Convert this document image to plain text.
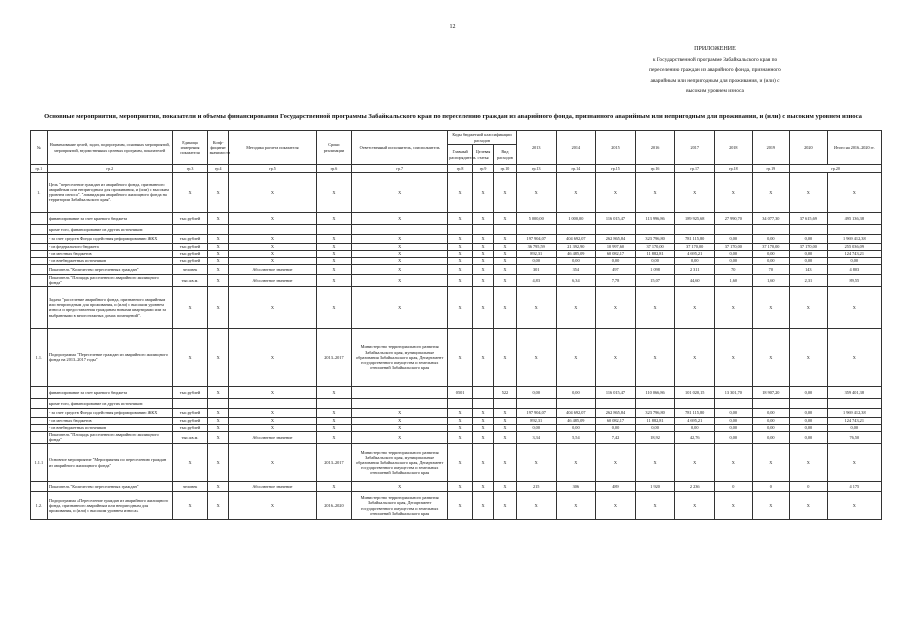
12
ПРИЛОЖЕНИЕ
к Государственной программе Забайкальского края по
переселению граждан из аварийного фонда, признанного
аварийным или непригодным для проживания, и (или) с
высоким уровнем износа
Основные мероприятия, мероприятия, показатели и объемы финансирования Государственной программы Забайкальского края по переселению граждан из аварийного фонда, признанного аварийным или непригодным для проживания, и (или) с высоким уровнем износа
№	Наименование целей, задач, подпрограмм, основных мероприятий, мероприятий, ведомственных целевых программ, показателей	Единица измерения показателя	Коэф-фициент значимости	Методика расчета показателя	Сроки реализации	Ответственный исполнитель, соисполнитель	Коды бюджетной классификации расходов			2013	2014	2015	2016	2017	2018	2019	2020	Итого на 2016–2020 гг.
							Главный распорядитель	Целевая статья	Вид расходов									
гр.1	гр.2	гр.3	гр.4	гр.5	гр.6	гр.7	гр.8	гр.9	гр.10	гр.13	гр.14	гр.15	гр.16	гр.17	гр.18	гр.19	гр.20	
1.	Цель "переселение граждан из аварийного фонда, признанного аварийным или непригодным для проживания, и (или) с высоким уровнем износа". "ликвидация аварийного жилищного фонда на территории Забайкальского края".	X	X	X	X	X	X	X	X	X	X	X	X	X	X	X	X	X
	финансирование за счет краевого бюджета	тыс.рублей	X	X	X	X	X	X	X	5 000,00	1 000,00	116 015,47	113 996,86	189 925,68	27 990,70	34 077,30	37 615,69	495 136,38
	кроме того, финансирование из других источников:																	
	- за счет средств Фонда содействия реформированию ЖКХ	тыс.рублей	X	X	X	X	X	X	X	197 904,07	404 692,07	262 865,84	323 796,80	781 115,80	0,00	0,00	0,00	1 969 412,38
	- из федерального бюджета	тыс.рублей	X	X	X	X	X	X	X	36 795,59	21 392,90	10 997,60	37 170,00	37 170,00	37 170,00	37 170,00	37 170,00	255 036,09
	- из местных бюджетов	тыс.рублей	X	X	X	X	X	X	X	892,31	46 485,09	60 082,17	11 882,81	4 695,21	0,00	0,00	0,00	124 743,21
	- из внебюджетных источников	тыс.рублей	X	X	X	X	X	X	X	0,00	0,00	0,00	0,00	0,00	0,00	0,00	0,00	0,00
	Показатель "Количество переселенных граждан"	человек	X	Абсолютное значение	X	X	X	X	X	301	354	497	1 098	2 311	70	70	143	4 803
	Показатель "Площадь расселенного аварийного жилищного фонда"	тыс.кв.м.	X	Абсолютное значение	X	X	X	X	X	4,83	6,34	7,78	15,07	44,60	1,60	1,60	2,31	89,55
	Задача "расселение аварийного фонда, признанного аварийным или непригодным для проживания, и (или) с высоким уровнем износа и предоставления гражданам новыми квартирами или за выбранными в многоэтажных домах помещений".	X	X	X	X	X	X	X	X	X	X	X	X	X	X	X	X	X
1.1.	Подпрограмма "Переселение граждан из аварийного жилищного фонда на 2013–2017 годы"	X	X	X	2013–2017	Министерство территориального развития Забайкальского края, муниципальные образования Забайкальского края, Департамент государственного имущества и земельных отношений Забайкальского края	X	X	X	X	X	X	X	X	X	X	X	X
	финансирование за счет краевого бюджета	тыс.рублей	X	X	X		0501		522	0,00	0,00	116 015,47	110 066,86	101 020,15	13 301,70	18 907,20	0,00	359 401,38
	кроме того, финансирование из других источников:																	
	- за счет средств Фонда содействия реформированию ЖКХ	тыс.рублей	X	X	X	X	X	X	X	197 904,07	404 692,07	262 865,84	323 796,80	781 115,80	0,00	0,00	0,00	1 969 412,38
	- из местных бюджетов	тыс.рублей	X	X	X	X	X	X	X	892,31	46 485,09	60 082,17	11 882,81	4 695,21	0,00	0,00	0,00	124 743,21
	- из внебюджетных источников	тыс.рублей	X	X	X	X	X	X	X	0,00	0,00	0,00	0,00	0,00	0,00	0,00	0,00	0,00
	Показатель "Площадь расселенного аварийного жилищного фонда"	тыс.кв.м.	X	Абсолютное значение	X	X	X	X	X	3,34	5,54	7,42	18,92	42,76	0,00	0,00	0,00	76,50
1.1.1	Основное мероприятие "Мероприятия по переселению граждан из аварийного жилищного фонда"	X	X	X	2013–2017	Министерство территориального развития Забайкальского края, муниципальные образования Забайкальского края, Департамент государственного имущества и земельных отношений Забайкальского края	X	X	X	X	X	X	X	X	X	X	X	X
	Показатель "Количество переселенных граждан"	человек	X	Абсолютное значение	X	X	X	X	X	215	306	489	1 920	2 236	0	0	0	4 175
1.2.	Подпрограмма «Переселение граждан из аварийного жилищного фонда, признанного аварийным или непригодным для проживания, и (или) с высоким уровнем износа»	X	X	X	2016–2020	Министерство территориального развития Забайкальского края, Департамент государственного имущества и земельных отношений Забайкальского края	X	X	X	X	X	X	X	X	X	X	X	X
